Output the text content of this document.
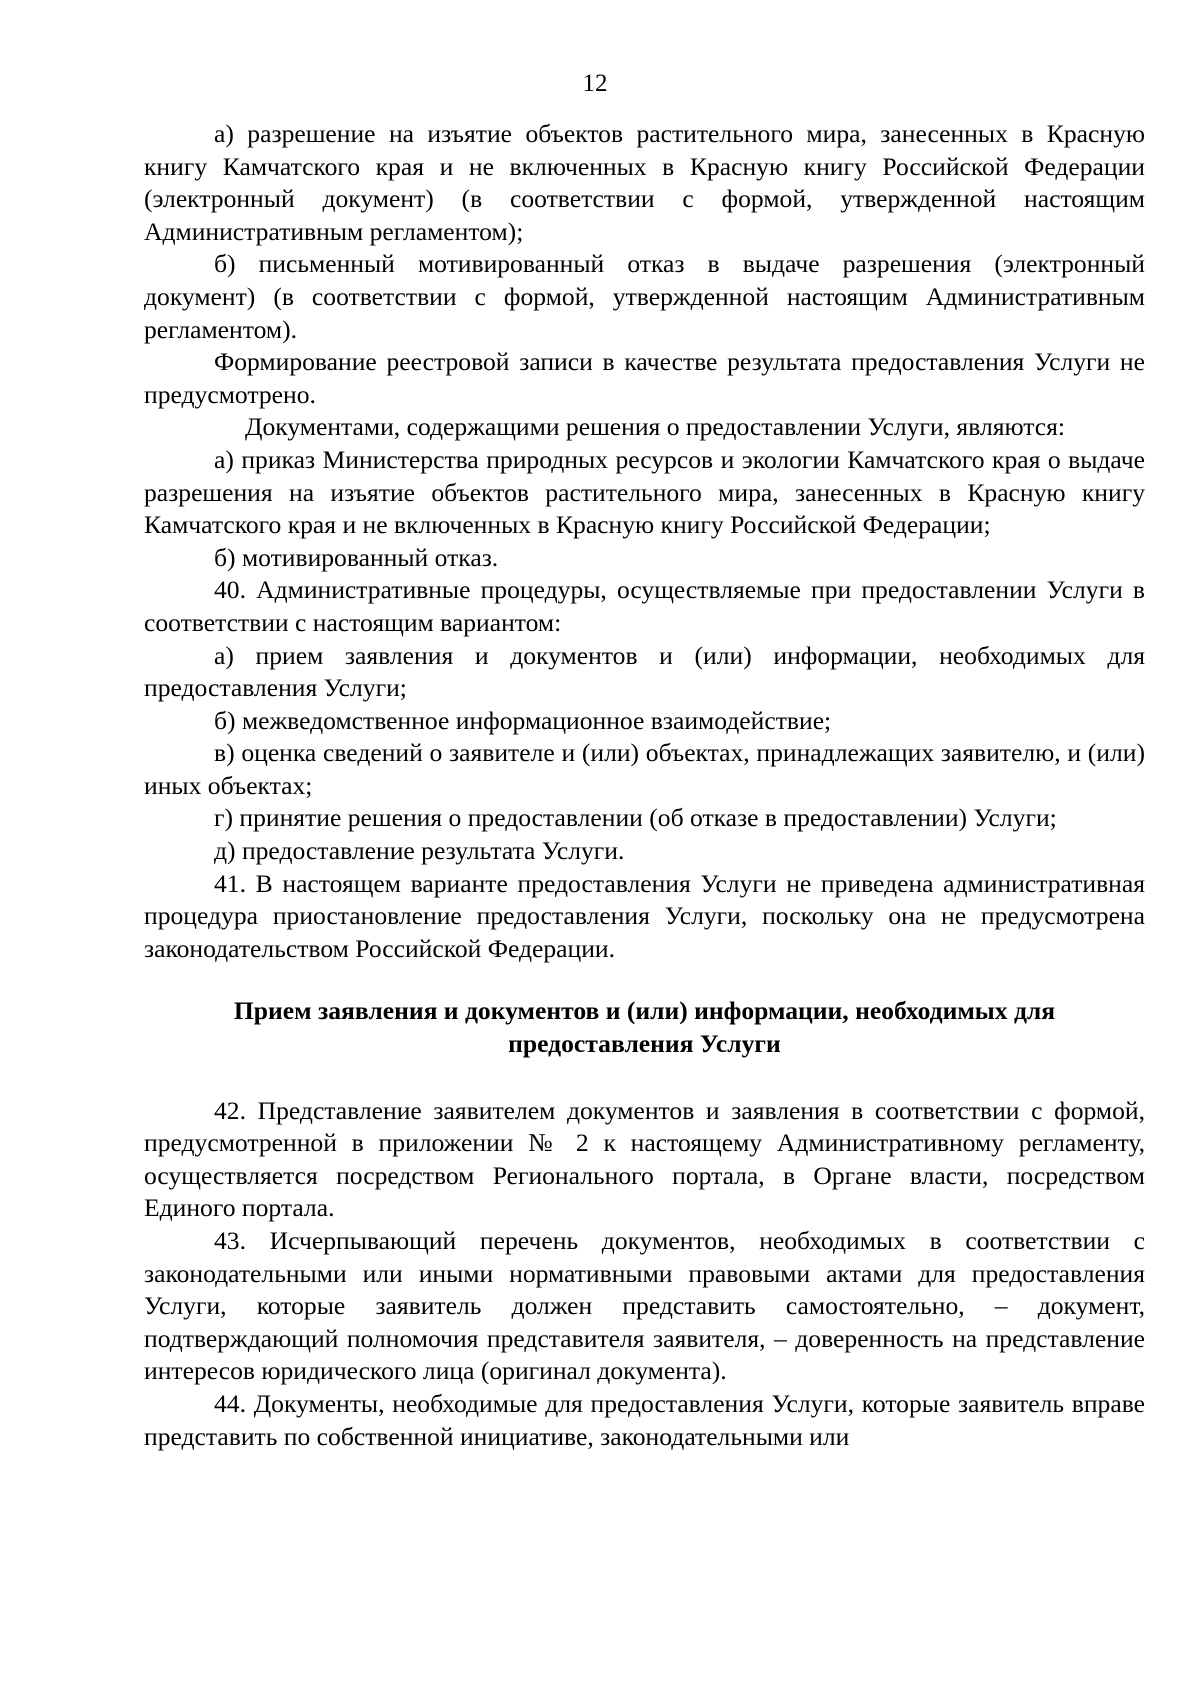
12

а) разрешение на изъятие объектов растительного мира, занесенных в Красную книгу Камчатского края и не включенных в Красную книгу Российской Федерации (электронный документ) (в соответствии с формой, утвержденной настоящим Административным регламентом);

б) письменный мотивированный отказ в выдаче разрешения (электронный документ) (в соответствии с формой, утвержденной настоящим Административным регламентом).

Формирование реестровой записи в качестве результата предоставления Услуги не предусмотрено.

Документами, содержащими решения о предоставлении Услуги, являются:

а) приказ Министерства природных ресурсов и экологии Камчатского края о выдаче разрешения на изъятие объектов растительного мира, занесенных в Красную книгу Камчатского края и не включенных в Красную книгу Российской Федерации;

б) мотивированный отказ.

40. Административные процедуры, осуществляемые при предоставлении Услуги в соответствии с настоящим вариантом:

а) прием заявления и документов и (или) информации, необходимых для предоставления Услуги;

б) межведомственное информационное взаимодействие;

в) оценка сведений о заявителе и (или) объектах, принадлежащих заявителю, и (или) иных объектах;

г) принятие решения о предоставлении (об отказе в предоставлении) Услуги;

д) предоставление результата Услуги.

41. В настоящем варианте предоставления Услуги не приведена административная процедура приостановление предоставления Услуги, поскольку она не предусмотрена законодательством Российской Федерации.

Прием заявления и документов и (или) информации, необходимых для предоставления Услуги

42. Представление заявителем документов и заявления в соответствии с формой, предусмотренной в приложении № 2 к настоящему Административному регламенту, осуществляется посредством Регионального портала, в Органе власти, посредством Единого портала.

43. Исчерпывающий перечень документов, необходимых в соответствии с законодательными или иными нормативными правовыми актами для предоставления Услуги, которые заявитель должен представить самостоятельно, – документ, подтверждающий полномочия представителя заявителя, – доверенность на представление интересов юридического лица (оригинал документа).

44. Документы, необходимые для предоставления Услуги, которые заявитель вправе представить по собственной инициативе, законодательными или
